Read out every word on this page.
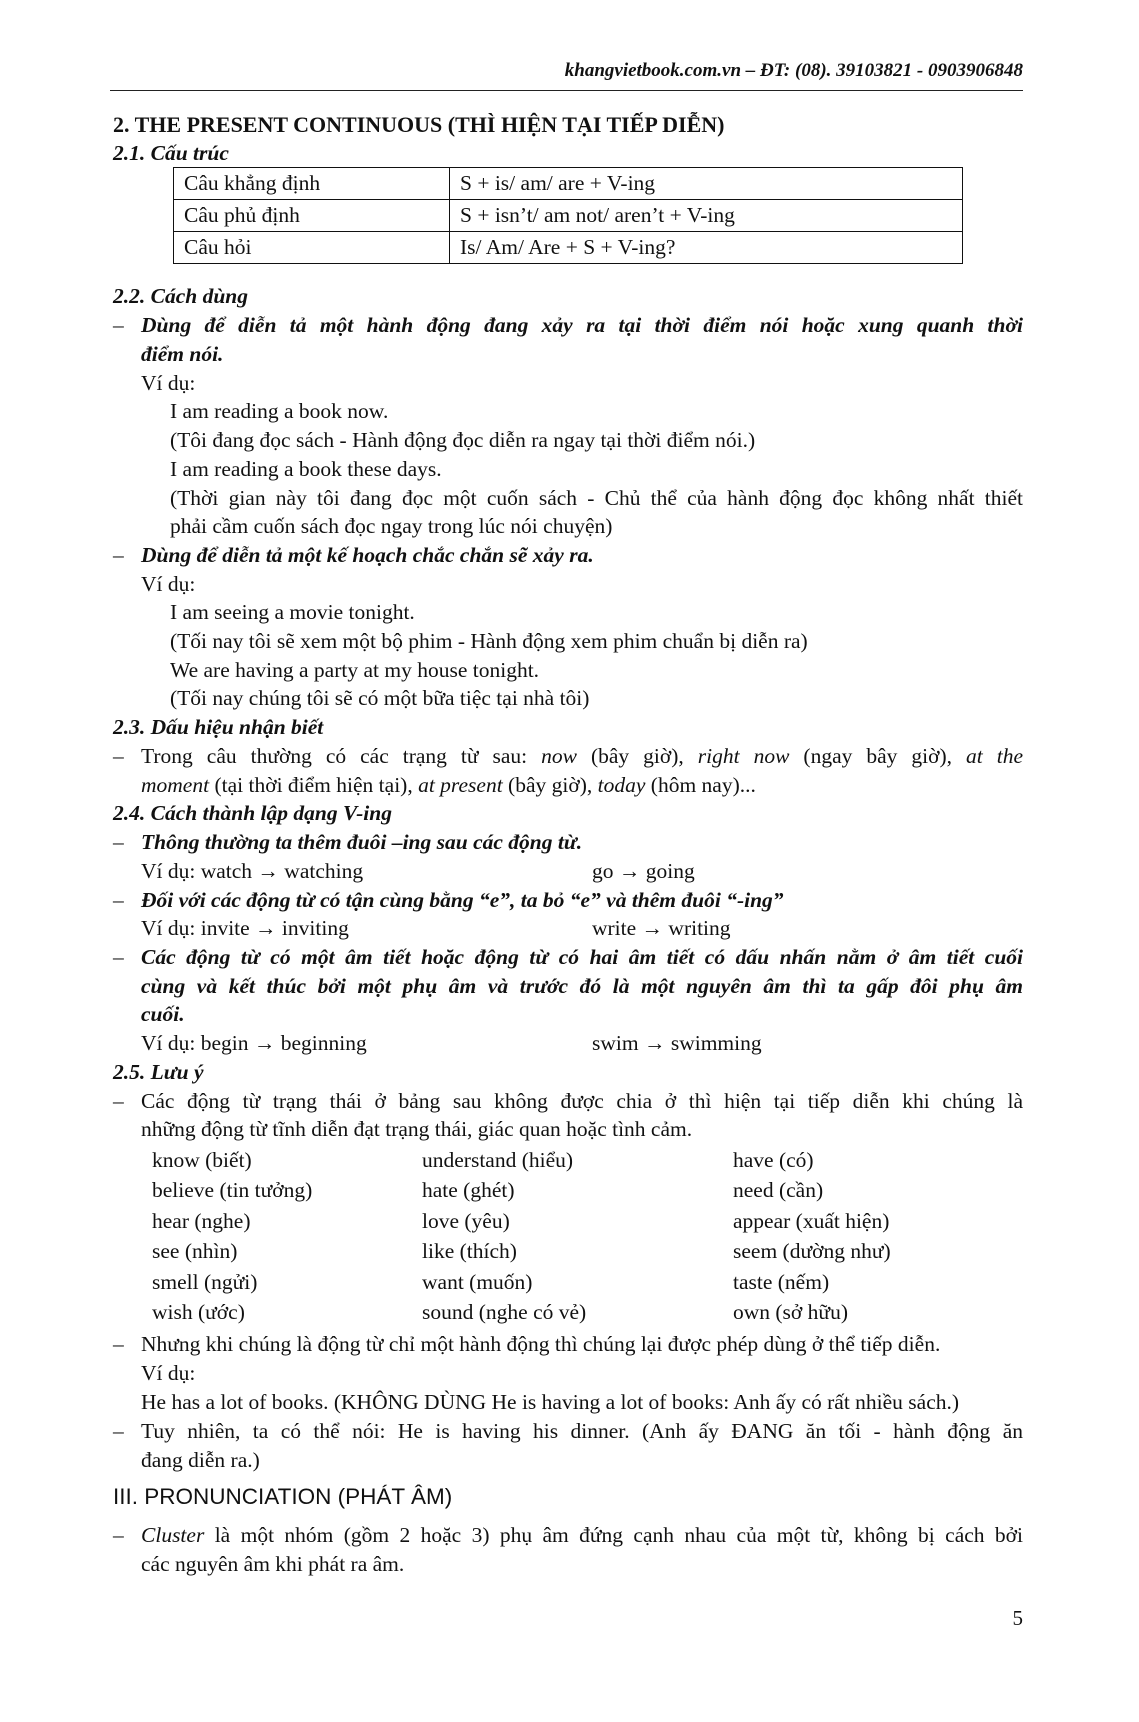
khangvietbook.com.vn – ĐT: (08). 39103821 - 0903906848
2. THE PRESENT CONTINUOUS (THÌ HIỆN TẠI TIẾP DIỄN)
2.1. Cấu trúc
Câu khẳng định	S + is/ am/ are + V-ing
Câu phủ định	S + isn’t/ am not/ aren’t + V-ing
Câu hỏi	Is/ Am/ Are + S + V-ing?
2.2. Cách dùng
– Dùng để diễn tả một hành động đang xảy ra tại thời điểm nói hoặc xung quanh thời
điểm nói.
Ví dụ:
I am reading a book now.
(Tôi đang đọc sách - Hành động đọc diễn ra ngay tại thời điểm nói.)
I am reading a book these days.
(Thời gian này tôi đang đọc một cuốn sách - Chủ thể của hành động đọc không nhất thiết
phải cầm cuốn sách đọc ngay trong lúc nói chuyện)
– Dùng để diễn tả một kế hoạch chắc chắn sẽ xảy ra.
Ví dụ:
I am seeing a movie tonight.
(Tối nay tôi sẽ xem một bộ phim - Hành động xem phim chuẩn bị diễn ra)
We are having a party at my house tonight.
(Tối nay chúng tôi sẽ có một bữa tiệc tại nhà tôi)
2.3. Dấu hiệu nhận biết
– Trong câu thường có các trạng từ sau: now (bây giờ), right now (ngay bây giờ), at the
moment (tại thời điểm hiện tại), at present (bây giờ), today (hôm nay)...
2.4. Cách thành lập dạng V-ing
– Thông thường ta thêm đuôi –ing sau các động từ.
Ví dụ: watch → watching	go → going
– Đối với các động từ có tận cùng bằng “e”, ta bỏ “e” và thêm đuôi “-ing”
Ví dụ: invite → inviting	write → writing
– Các động từ có một âm tiết hoặc động từ có hai âm tiết có dấu nhấn nằm ở âm tiết cuối
cùng và kết thúc bởi một phụ âm và trước đó là một nguyên âm thì ta gấp đôi phụ âm
cuối.
Ví dụ: begin → beginning	swim → swimming
2.5. Lưu ý
– Các động từ trạng thái ở bảng sau không được chia ở thì hiện tại tiếp diễn khi chúng là
những động từ tĩnh diễn đạt trạng thái, giác quan hoặc tình cảm.
know (biết)	understand (hiểu)	have (có)
believe (tin tưởng)	hate (ghét)	need (cần)
hear (nghe)	love (yêu)	appear (xuất hiện)
see (nhìn)	like (thích)	seem (dường như)
smell (ngửi)	want (muốn)	taste (nếm)
wish (ước)	sound (nghe có vẻ)	own (sở hữu)
– Nhưng khi chúng là động từ chỉ một hành động thì chúng lại được phép dùng ở thể tiếp diễn.
Ví dụ:
He has a lot of books. (KHÔNG DÙNG He is having a lot of books: Anh ấy có rất nhiều sách.)
– Tuy nhiên, ta có thể nói: He is having his dinner. (Anh ấy ĐANG ăn tối - hành động ăn
đang diễn ra.)
III. PRONUNCIATION (PHÁT ÂM)
– Cluster là một nhóm (gồm 2 hoặc 3) phụ âm đứng cạnh nhau của một từ, không bị cách bởi
các nguyên âm khi phát ra âm.
5
